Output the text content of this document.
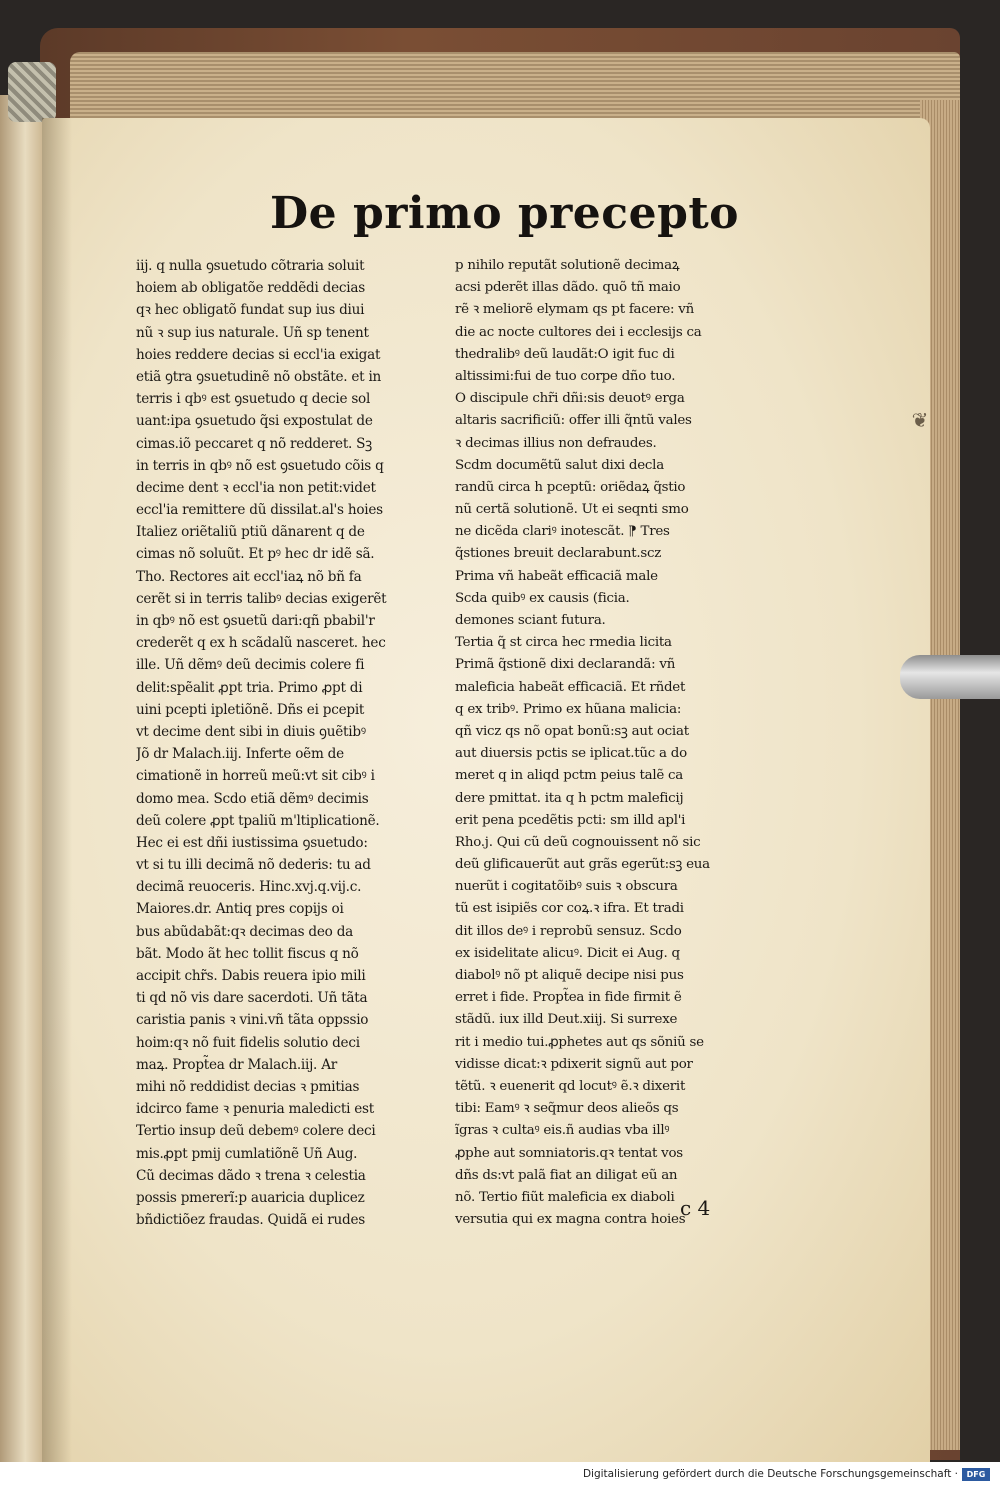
De primo precepto
iij. q nulla ꝯsuetudo cõtraria soluit
hoiem ab obligatõe reddẽdi decias
qꝛ hec obligatõ fundat sup ius diui
nũ ꝛ sup ius naturale. Uñ sp tenent
hoies reddere decias si eccl'ia exigat
etiã ꝯtra ꝯsuetudinẽ nõ obstãte. et in
terris i qbꝰ est ꝯsuetudo q decie sol
uant:ipa ꝯsuetudo q̃si expostulat de
cimas.iõ peccaret q nõ redderet. Sꝫ
in terris in qbꝰ nõ est ꝯsuetudo cõis q
decime dent ꝛ eccl'ia non petit:videt
eccl'ia remittere dũ dissilat.al's hoies
Italiez oriẽtaliũ ptiũ dãnarent q de
cimas nõ soluũt. Et pꝰ hec dr idẽ sã.
Tho. Rectores ait eccl'iaꝝ nõ bñ fa
cerẽt si in terris talibꝰ decias exigerẽt
in qbꝰ nõ est ꝯsuetũ dari:qñ pbabil'r
crederẽt q ex h scãdalũ nasceret. hec
ille. Uñ dẽmꝰ deũ decimis colere fi
delit:spẽalit ꝓpt tria. Primo ꝓpt di
uini pcepti ipletiõnẽ. Dñs ei pcepit
vt decime dent sibi in diuis ꝯuẽtibꝰ
Jõ dr Malach.iij. Inferte oẽm de
cimationẽ in horreũ meũ:vt sit cibꝰ i
domo mea. Scdo etiã dẽmꝰ decimis
deũ colere ꝓpt tpaliũ m'ltiplicationẽ.
Hec ei est dñi iustissima ꝯsuetudo:
vt si tu illi decimã nõ dederis: tu ad
decimã reuoceris. Hinc.xvj.q.vij.c.
Maiores.dr. Antiq pres copijs oi
bus abũdabãt:qꝛ decimas deo da
bãt. Modo ãt hec tollit fiscus q nõ
accipit chr̃s. Dabis reuera ipio mili
ti qd nõ vis dare sacerdoti. Uñ tãta
caristia panis ꝛ vini.vñ tãta oppssio
hoim:qꝛ nõ fuit fidelis solutio deci
maꝝ. Propt̃ea dr Malach.iij. Ar
mihi nõ reddidist decias ꝛ pmitias
idcirco fame ꝛ penuria maledicti est
Tertio insup deũ debemꝰ colere deci
mis.ꝓpt pmij cumlatiõnẽ Uñ Aug.
Cũ decimas dãdo ꝛ trena ꝛ celestia
possis pmererĩ:p auaricia duplicez
bñdictiõez fraudas. Quidã ei rudes
p nihilo reputãt solutionẽ decimaꝝ
acsi pderẽt illas dãdo. quõ tñ maio
rẽ ꝛ meliorẽ elymam qs pt facere: vñ
die ac nocte cultores dei i ecclesijs ca
thedralibꝰ deũ laudãt:O igit fuc di
altissimi:fui de tuo corpe dño tuo.
O discipule chr̃i dñi:sis deuotꝰ erga
altaris sacrificiũ: offer illi q̃ntũ vales
ꝛ decimas illius non defraudes.
Scdm documẽtũ salut dixi decla
randũ circa h pceptũ: oriẽdaꝝ q̃stio
nũ certã solutionẽ. Ut ei seqnti smo
ne dicẽda clariꝰ inotescãt. ⁋ Tres
q̃stiones breuit declarabunt.scz
Prima vñ habeãt efficaciã male
Scda quibꝰ ex causis (ficia.
demones sciant futura.
Tertia q̃ st circa hec rmedia licita
Primã q̃stionẽ dixi declarandã: vñ
maleficia habeãt efficaciã. Et rñdet
q ex tribꝰ. Primo ex hũana malicia:
qñ vicz qs nõ opat bonũ:sꝫ aut ociat
aut diuersis pctis se iplicat.tũc a do
meret q in aliqd pctm peius talẽ ca
dere pmittat. ita q h pctm maleficij
erit pena pcedẽtis pcti: sm illd apl'i
Rho.j. Qui cũ deũ cognouissent nõ sic
deũ glificauerũt aut grãs egerũt:sꝫ eua
nuerũt i cogitatõibꝰ suis ꝛ obscura
tũ est isipiẽs cor coꝝ.ꝛ ifra. Et tradi
dit illos deꝰ i reprobũ sensuz. Scdo
ex isidelitate alicuꝰ. Dicit ei Aug. q
diabolꝰ nõ pt aliquẽ decipe nisi pus
erret i fide. Propt̃ea in fide firmit ẽ
stãdũ. iux illd Deut.xiij. Si surrexe
rit i medio tui.ꝓphetes aut qs sõniũ se
vidisse dicat:ꝛ pdixerit signũ aut por
tẽtũ. ꝛ euenerit qd locutꝰ ẽ.ꝛ dixerit
tibi: Eamꝰ ꝛ seq̃mur deos alieõs qs
ĩgras ꝛ cultaꝰ eis.ñ audias vba illꝰ
ꝓphe aut somniatoris.qꝛ tentat vos
dñs ds:vt palã fiat an diligat eũ an
nõ. Tertio fiũt maleficia ex diaboli
versutia qui ex magna contra hoies
c 4
❦
Digitalisierung gefördert durch die Deutsche Forschungsgemeinschaft ·	DFG
